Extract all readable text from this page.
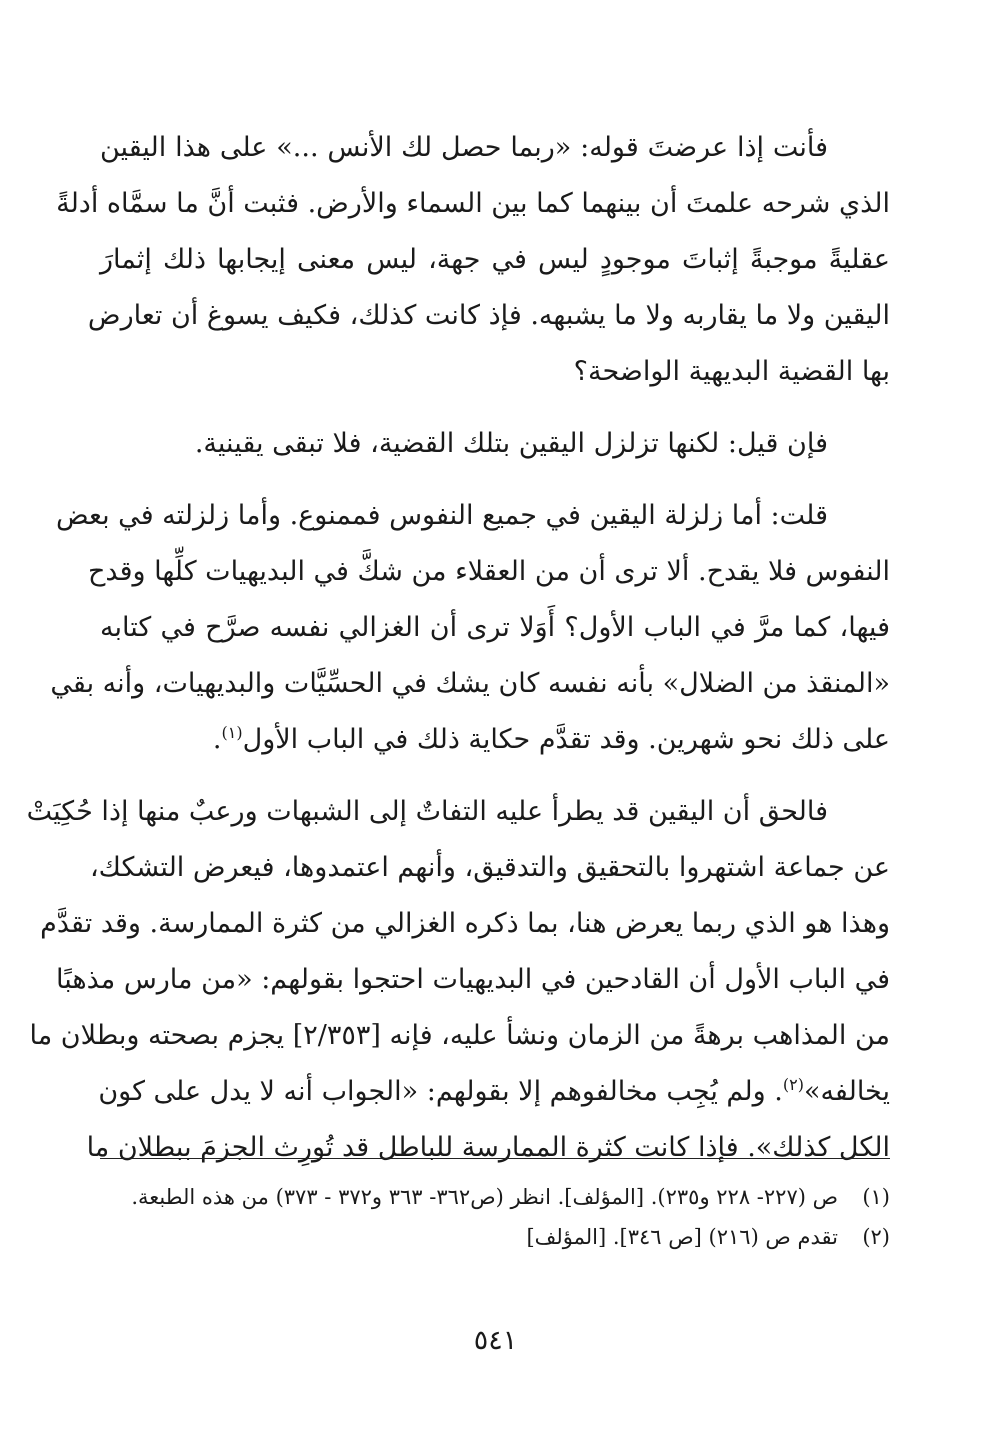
فأنت إذا عرضتَ قوله: «ربما حصل لك الأنس ...» على هذا اليقين
الذي شرحه علمتَ أن بينهما كما بين السماء والأرض. فثبت أنَّ ما سمَّاه أدلةً
عقليةً موجبةً إثباتَ موجودٍ ليس في جهة، ليس معنى إيجابها ذلك إثمارَ
اليقين ولا ما يقاربه ولا ما يشبهه. فإذ كانت كذلك، فكيف يسوغ أن تعارض
بها القضية البديهية الواضحة؟

فإن قيل: لكنها تزلزل اليقين بتلك القضية، فلا تبقى يقينية.

قلت: أما زلزلة اليقين في جميع النفوس فممنوع. وأما زلزلته في بعض
النفوس فلا يقدح. ألا ترى أن من العقلاء من شكَّ في البديهيات كلِّها وقدح
فيها، كما مرَّ في الباب الأول؟ أَوَلا ترى أن الغزالي نفسه صرَّح في كتابه
«المنقذ من الضلال» بأنه نفسه كان يشك في الحسِّيَّات والبديهيات، وأنه بقي
على ذلك نحو شهرين. وقد تقدَّم حكاية ذلك في الباب الأول$^{(١)}$.

فالحق أن اليقين قد يطرأ عليه التفاتٌ إلى الشبهات ورعبٌ منها إذا حُكِيَتْ
عن جماعة اشتهروا بالتحقيق والتدقيق، وأنهم اعتمدوها، فيعرض التشكك،
وهذا هو الذي ربما يعرض هنا، بما ذكره الغزالي من كثرة الممارسة. وقد تقدَّم
في الباب الأول أن القادحين في البديهيات احتجوا بقولهم: «من مارس مذهبًا
من المذاهب برهةً من الزمان ونشأ عليه، فإنه [٢/٣٥٣] يجزم بصحته وبطلان ما
يخالفه»$^{(٢)}$. ولم يُجِب مخالفوهم إلا بقولهم: «الجواب أنه لا يدل على كون
الكل كذلك». فإذا كانت كثرة الممارسة للباطل قد تُورِث الجزمَ ببطلان ما

(١)
ص (٢٢٧- ٢٢٨ و٢٣٥). [المؤلف]. انظر (ص٣٦٢- ٣٦٣ و٣٧٢ - ٣٧٣) من هذه الطبعة.
(٢)
تقدم ص (٢١٦) [ص ٣٤٦]. [المؤلف]
٥٤١
